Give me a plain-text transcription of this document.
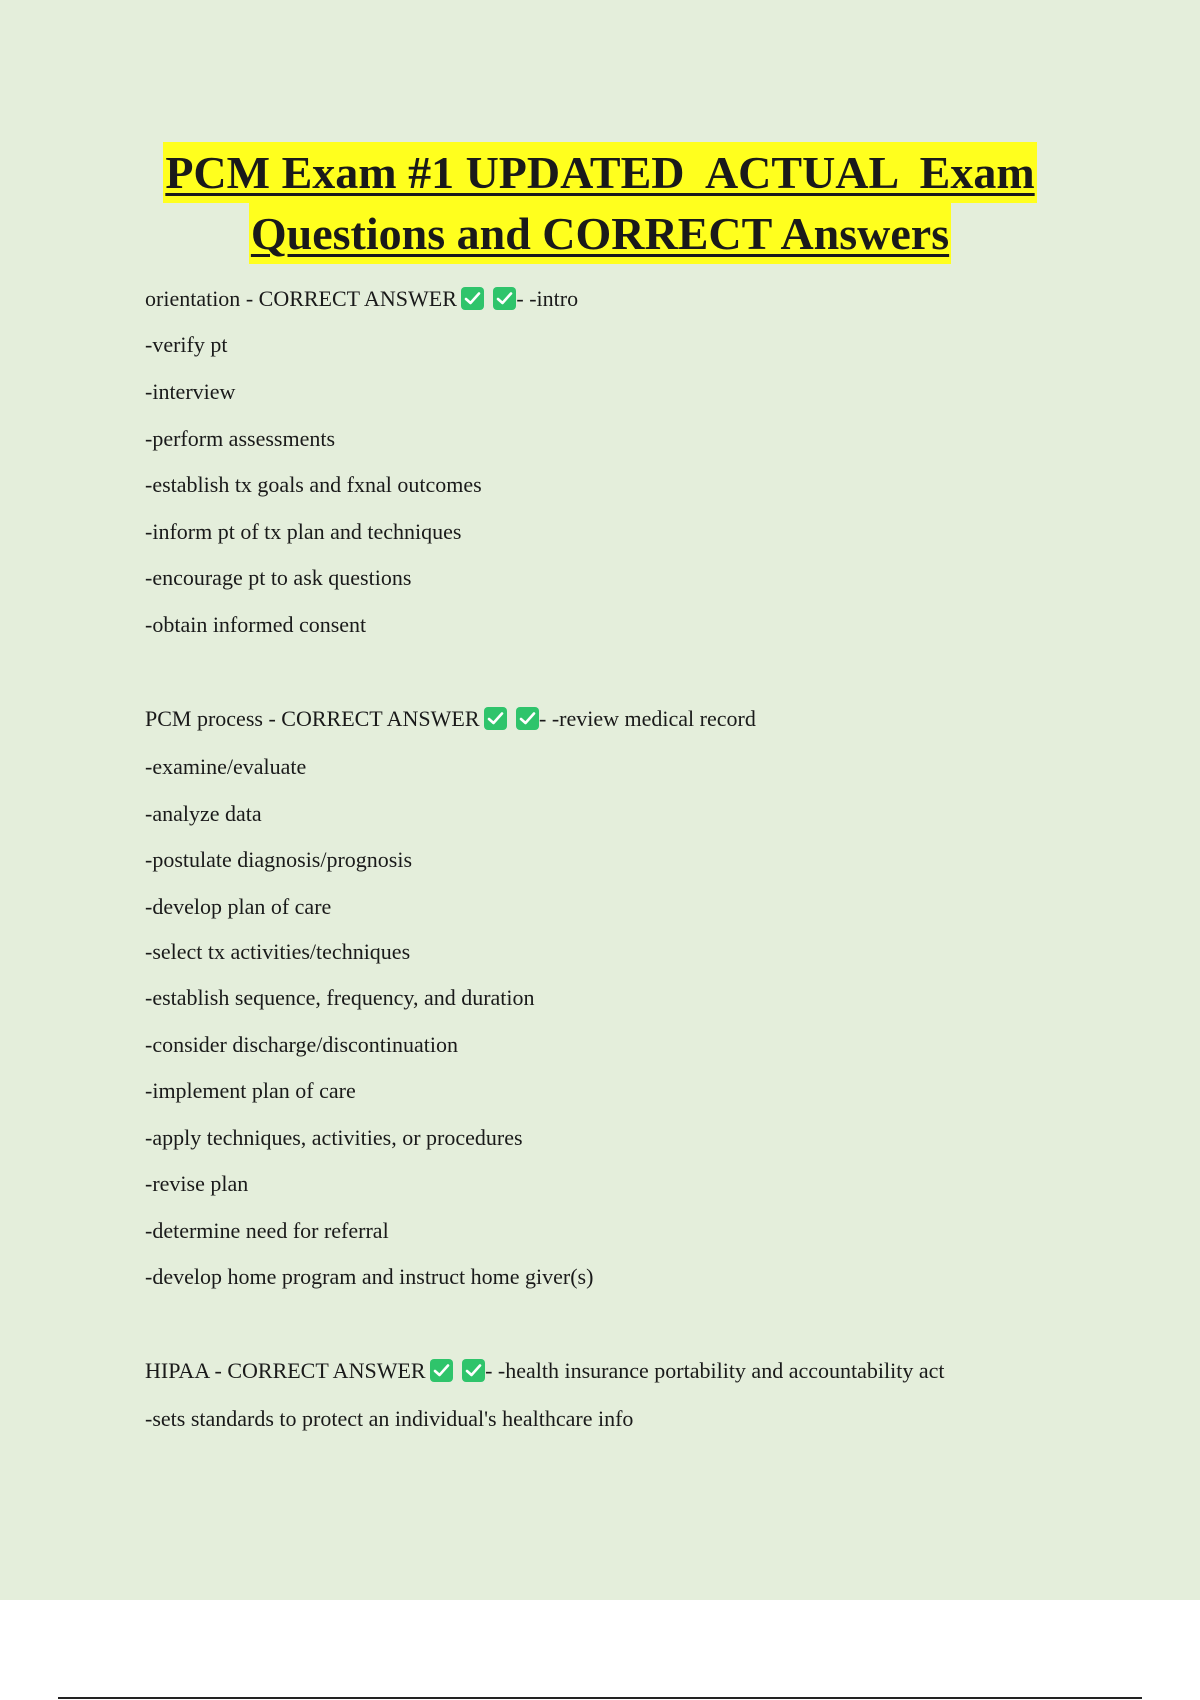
PCM Exam #1 UPDATED  ACTUAL  Exam
Questions and CORRECT Answers
orientation - CORRECT ANSWER
	- -intro
-verify pt
-interview
-perform assessments
-establish tx goals and fxnal outcomes
-inform pt of tx plan and techniques
-encourage pt to ask questions
-obtain informed consent
PCM process - CORRECT ANSWER
	- -review medical record
-examine/evaluate
-analyze data
-postulate diagnosis/prognosis
-develop plan of care
-select tx activities/techniques
-establish sequence, frequency, and duration
-consider discharge/discontinuation
-implement plan of care
-apply techniques, activities, or procedures
-revise plan
-determine need for referral
-develop home program and instruct home giver(s)
HIPAA - CORRECT ANSWER
	- -health insurance portability and accountability act
-sets standards to protect an individual's healthcare info
